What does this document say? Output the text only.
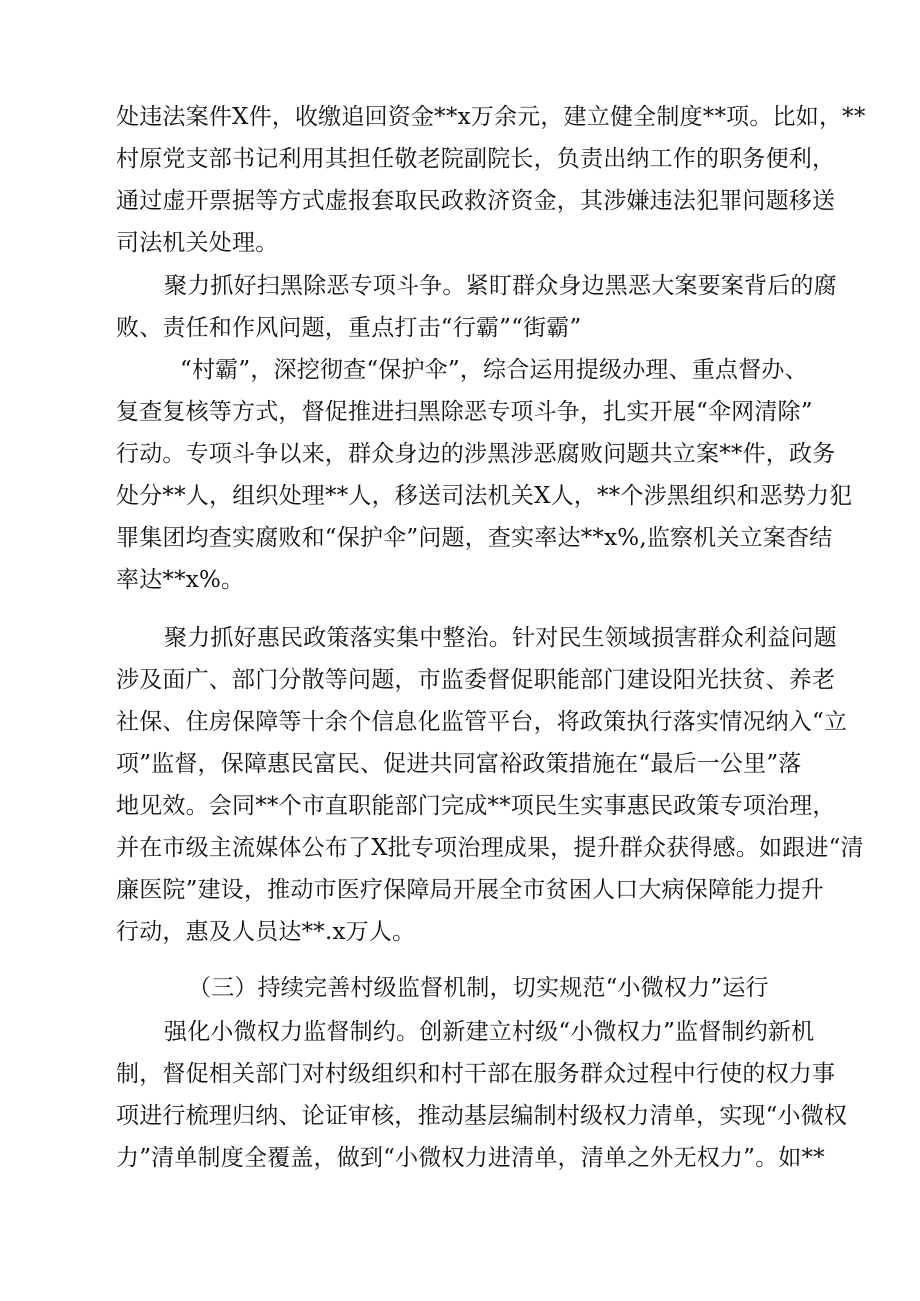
处违法案件X件，收缴追回资金**x万余元，建立健全制度**项。比如，**
村原党支部书记利用其担任敬老院副院长，负责出纳工作的职务便利，
通过虚开票据等方式虚报套取民政救济资金，其涉嫌违法犯罪问题移送
司法机关处理。
聚力抓好扫黑除恶专项斗争。紧盯群众身边黑恶大案要案背后的腐
败、责任和作风问题，重点打击“行霸”“街霸”
“村霸”，深挖彻查“保护伞”，综合运用提级办理、重点督办、
复查复核等方式，督促推进扫黑除恶专项斗争，扎实开展“伞网清除”
行动。专项斗争以来，群众身边的涉黑涉恶腐败问题共立案**件，政务
处分**人，组织处理**人，移送司法机关X人，**个涉黑组织和恶势力犯
罪集团均查实腐败和“保护伞”问题，查实率达**x%,监察机关立案杳结
率达**x%。
聚力抓好惠民政策落实集中整治。针对民生领域损害群众利益问题
涉及面广、部门分散等问题，市监委督促职能部门建设阳光扶贫、养老
社保、住房保障等十余个信息化监管平台，将政策执行落实情况纳入“立
项”监督，保障惠民富民、促进共同富裕政策措施在“最后一公里”落
地见效。会同**个市直职能部门完成**项民生实事惠民政策专项治理，
并在市级主流媒体公布了X批专项治理成果，提升群众获得感。如跟进“清
廉医院”建设，推动市医疗保障局开展全市贫困人口大病保障能力提升
行动，惠及人员达**.x万人。
（三）持续完善村级监督机制，切实规范“小微权力”运行
强化小微权力监督制约。创新建立村级“小微权力”监督制约新机
制，督促相关部门对村级组织和村干部在服务群众过程中行使的权力事
项进行梳理归纳、论证审核，推动基层编制村级权力清单，实现“小微权
力”清单制度全覆盖，做到“小微权力进清单，清单之外无权力”。如**
